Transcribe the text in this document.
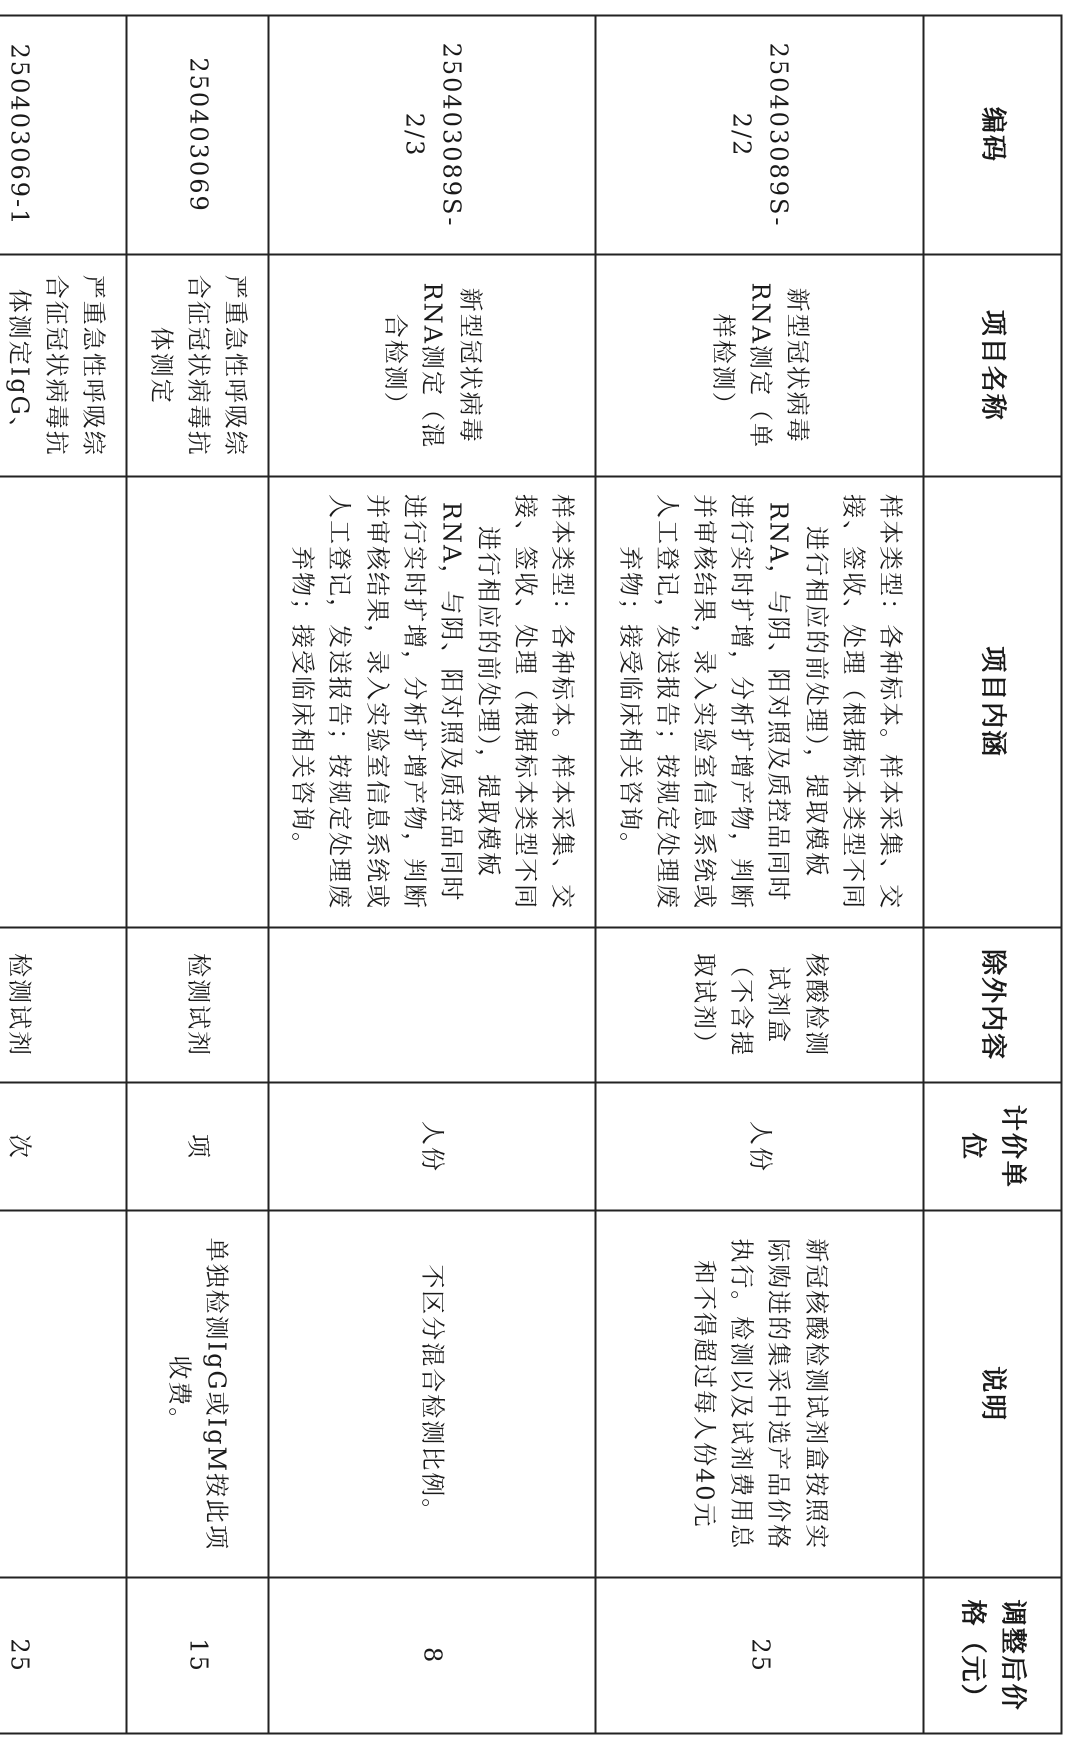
编码	项目名称	项目内涵	除外内容	计价单位	说明	调整后价格（元）
250403089S-2/2	新型冠状病毒RNA测定（单样检测）	样本类型：各种标本。样本采集、交接、签收、处理（根据标本类型不同进行相应的前处理），提取模板RNA，与阴、阳对照及质控品同时进行实时扩增，分析扩增产物，判断并审核结果，录入实验室信息系统或人工登记，发送报告；按规定处理废弃物；接受临床相关咨询。	核酸检测试剂盒（不含提取试剂）	人份	新冠核酸检测试剂盒按照实际购进的集采中选产品价格执行。检测以及试剂费用总和不得超过每人份40元	25
250403089S-2/3	新型冠状病毒RNA测定（混合检测）	样本类型：各种标本。样本采集、交接、签收、处理（根据标本类型不同进行相应的前处理），提取模板RNA，与阴、阳对照及质控品同时进行实时扩增，分析扩增产物，判断并审核结果，录入实验室信息系统或人工登记，发送报告；按规定处理废弃物；接受临床相关咨询。		人份	不区分混合检测比例。	8
250403069	严重急性呼吸综合征冠状病毒抗体测定		检测试剂	项	单独检测IgG或IgM按此项收费。	15
250403069-1	严重急性呼吸综合征冠状病毒抗体测定IgG、		检测试剂	次		25
